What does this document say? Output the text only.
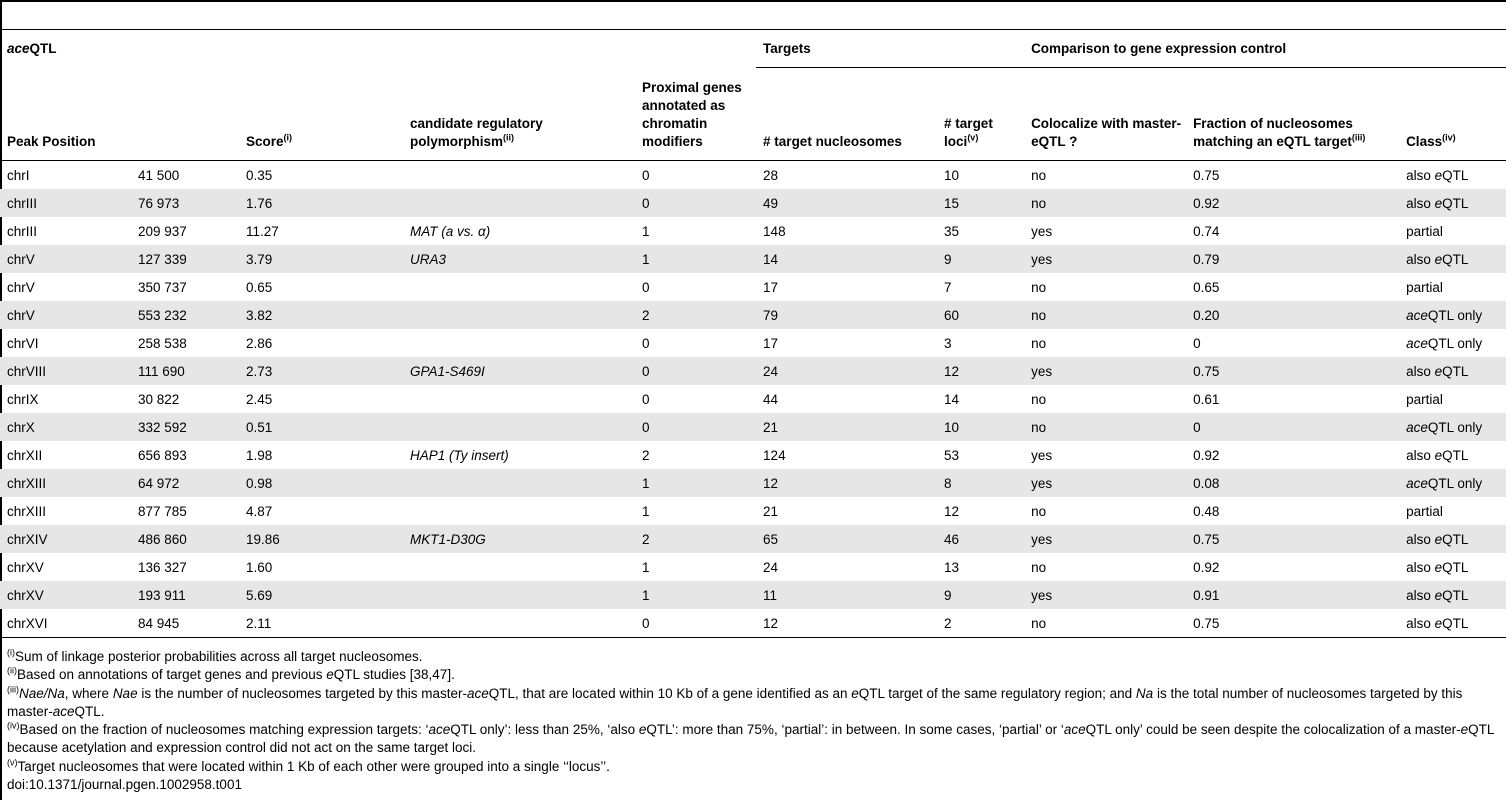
aceQTL					Targets		Comparison to gene expression control		
Peak Position		Score$^{(i)}$	candidate regulatory polymorphism$^{(ii)}$	Proximal genes annotated as chromatin modifiers	# target nucleosomes	# target loci$^{(v)}$	Colocalize with master-eQTL ?	Fraction of nucleosomes matching an eQTL target$^{(iii)}$	Class$^{(iv)}$
chrI	41 500	0.35		0	28	10	no	0.75	also eQTL
chrIII	76 973	1.76		0	49	15	no	0.92	also eQTL
chrIII	209 937	11.27	MAT (a vs. α)	1	148	35	yes	0.74	partial
chrV	127 339	3.79	URA3	1	14	9	yes	0.79	also eQTL
chrV	350 737	0.65		0	17	7	no	0.65	partial
chrV	553 232	3.82		2	79	60	no	0.20	aceQTL only
chrVI	258 538	2.86		0	17	3	no	0	aceQTL only
chrVIII	111 690	2.73	GPA1-S469I	0	24	12	yes	0.75	also eQTL
chrIX	30 822	2.45		0	44	14	no	0.61	partial
chrX	332 592	0.51		0	21	10	no	0	aceQTL only
chrXII	656 893	1.98	HAP1 (Ty insert)	2	124	53	yes	0.92	also eQTL
chrXIII	64 972	0.98		1	12	8	yes	0.08	aceQTL only
chrXIII	877 785	4.87		1	21	12	no	0.48	partial
chrXIV	486 860	19.86	MKT1-D30G	2	65	46	yes	0.75	also eQTL
chrXV	136 327	1.60		1	24	13	no	0.92	also eQTL
chrXV	193 911	5.69		1	11	9	yes	0.91	also eQTL
chrXVI	84 945	2.11		0	12	2	no	0.75	also eQTL

$^{(i)}$Sum of linkage posterior probabilities across all target nucleosomes.

$^{(ii)}$Based on annotations of target genes and previous eQTL studies [38,47].

$^{(iii)}$Nae/Na, where Nae is the number of nucleosomes targeted by this master-aceQTL, that are located within 10 Kb of a gene identified as an eQTL target of the same regulatory region; and Na is the total number of nucleosomes targeted by this master-aceQTL.

$^{(iv)}$Based on the fraction of nucleosomes matching expression targets: ‘aceQTL only’: less than 25%, ‘also eQTL’: more than 75%, ‘partial’: in between. In some cases, ‘partial’ or ‘aceQTL only’ could be seen despite the colocalization of a master-eQTL because acetylation and expression control did not act on the same target loci.

$^{(v)}$Target nucleosomes that were located within 1 Kb of each other were grouped into a single ‘‘locus’’.

doi:10.1371/journal.pgen.1002958.t001
